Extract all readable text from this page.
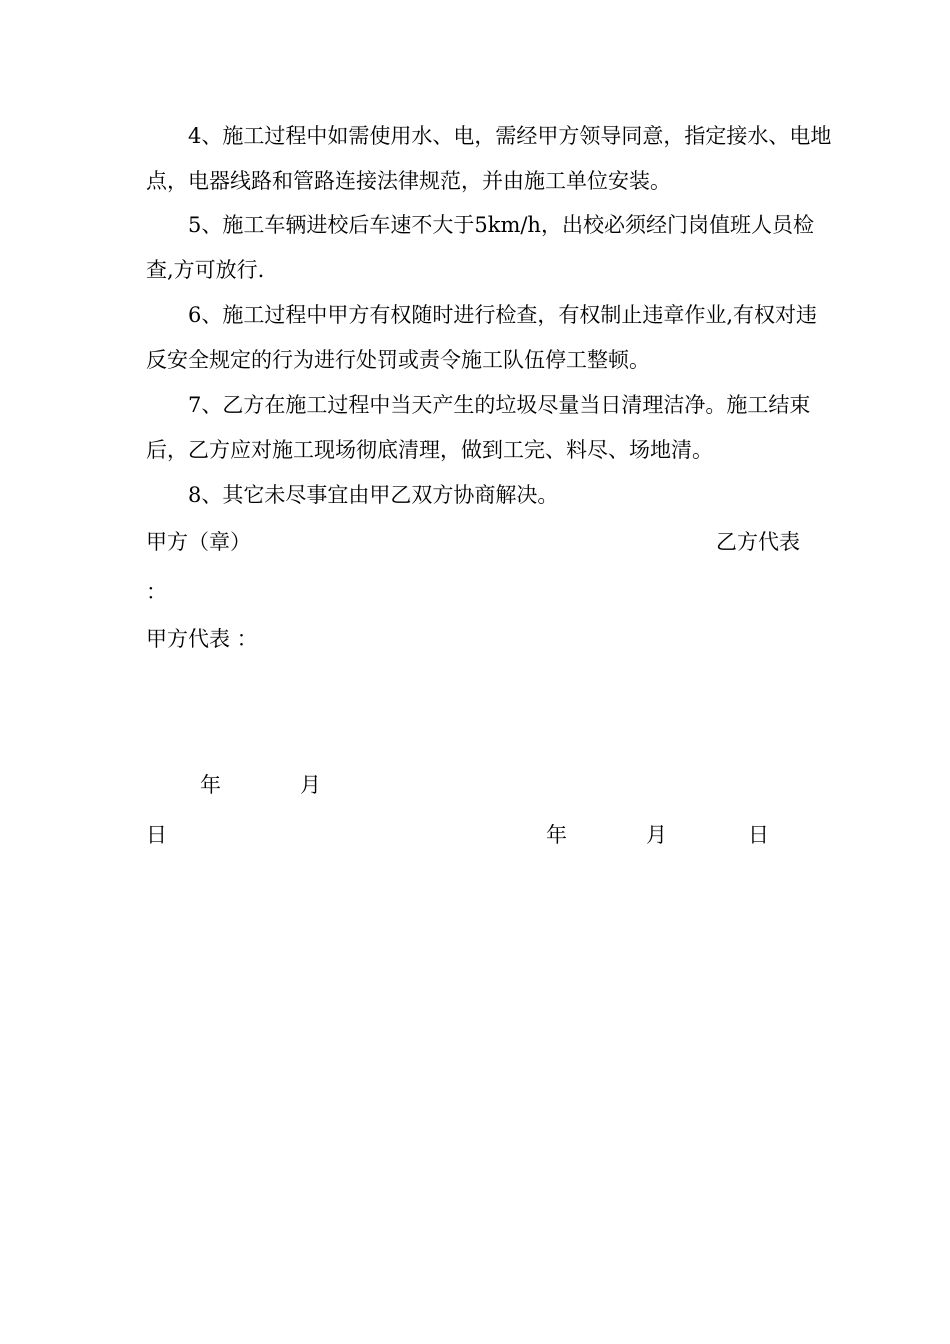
4、施工过程中如需使用水、电，需经甲方领导同意，指定接水、电地点，电器线路和管路连接法律规范，并由施工单位安装。

5、施工车辆进校后车速不大于5km/h，出校必须经门岗值班人员检查,方可放行.

6、施工过程中甲方有权随时进行检查，有权制止违章作业,有权对违反安全规定的行为进行处罚或责令施工队伍停工整顿。

7、乙方在施工过程中当天产生的垃圾尽量当日清理洁净。施工结束后，乙方应对施工现场彻底清理，做到工完、料尽、场地清。

8、其它未尽事宜由甲乙双方协商解决。

甲方（章）	乙方代表
：
甲方代表 ：
年	月
日	年	月	日
